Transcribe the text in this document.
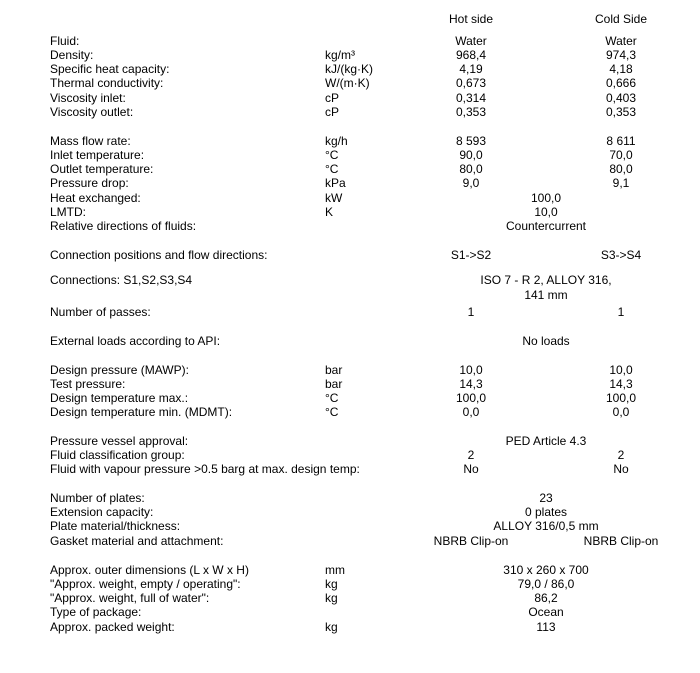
Hot side	Cold Side
Fluid:	Water	Water
Density:	kg/m³	968,4	974,3
Specific heat capacity:	kJ/(kg·K)	4,19	4,18
Thermal conductivity:	W/(m·K)	0,673	0,666
Viscosity inlet:	cP	0,314	0,403
Viscosity outlet:	cP	0,353	0,353
Mass flow rate:	kg/h	8 593	8 611
Inlet temperature:	°C	90,0	70,0
Outlet temperature:	°C	80,0	80,0
Pressure drop:	kPa	9,0	9,1
Heat exchanged:	kW	100,0
LMTD:	K	10,0
Relative directions of fluids:	Countercurrent
Connection positions and flow directions:	S1->S2	S3->S4
Connections: S1,S2,S3,S4	ISO 7 - R 2, ALLOY 316,
141 mm
Number of passes:	1	1
External loads according to API:	No loads
Design pressure (MAWP):	bar	10,0	10,0
Test pressure:	bar	14,3	14,3
Design temperature max.:	°C	100,0	100,0
Design temperature min. (MDMT):	°C	0,0	0,0
Pressure vessel approval:	PED Article 4.3
Fluid classification group:	2	2
Fluid with vapour pressure >0.5 barg at max. design temp:	No	No
Number of plates:	23
Extension capacity:	0 plates
Plate material/thickness:	ALLOY 316/0,5 mm
Gasket material and attachment:	NBRB Clip-on	NBRB Clip-on
Approx. outer dimensions (L x W x H)	mm	310 x 260 x 700
"Approx. weight, empty / operating":	kg	79,0 / 86,0
"Approx. weight, full of water":	kg	86,2
Type of package:	Ocean
Approx. packed weight:	kg	113
